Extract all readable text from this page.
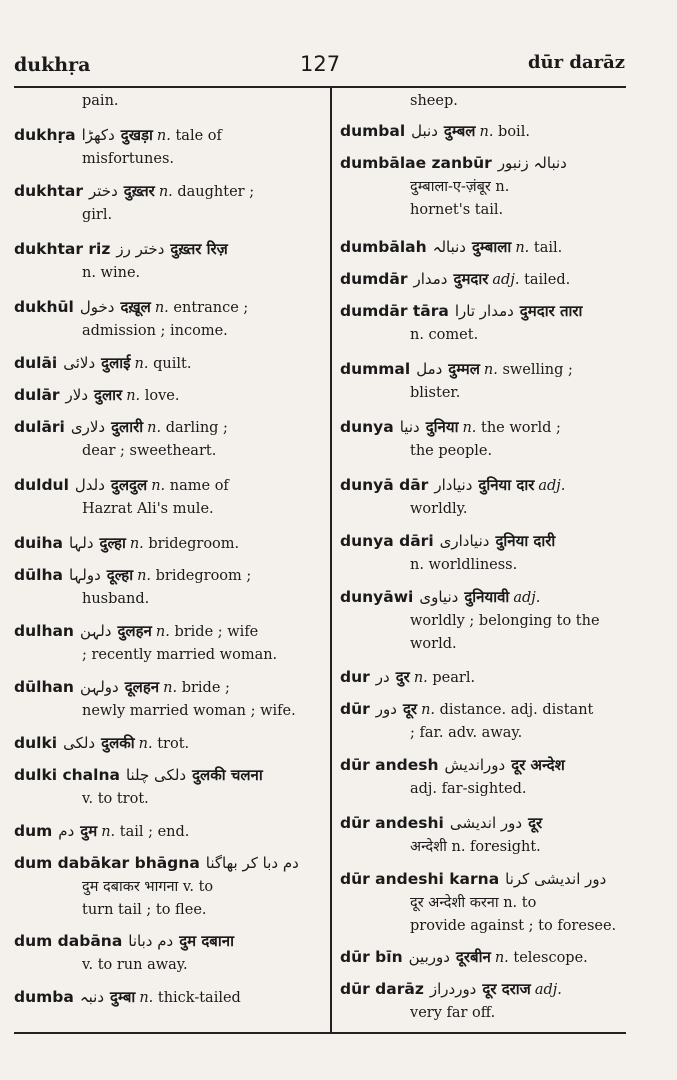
dukhṛa	127	dūr darāz
pain.
dukhṛa دکھڑا दुखड़ा n. tale of
misfortunes.
dukhtar دختر दुख़्तर n. daughter ;
girl.
dukhtar riz دختر رز दुख़्तर रिज़
n. wine.
dukhūl دخول दख़ूल n. entrance ;
admission ; income.
dulāi دلائی दुलाई n. quilt.
dulār دلار दुलार n. love.
dulāri دلاری दुलारी n. darling ;
dear ; sweetheart.
duldul دلدل दुलदुल n. name of
Hazrat Ali's mule.
duiha دلہا दुल्हा n. bridegroom.
dūlha دولہا दूल्हा n. bridegroom ;
husband.
dulhan دلہن दुलहन n. bride ; wife
; recently married woman.
dūlhan دولہن दूलहन n. bride ;
newly married woman ; wife.
dulki دلکی दुलकी n. trot.
dulki chalna دلکی چلنا दुलकी चलना
v. to trot.
dum دم दुम n. tail ; end.
dum dabākar bhāgna دم دبا کر بھاگنا
दुम दबाकर भागना v. to
turn tail ; to flee.
dum dabāna دم دبانا दुम दबाना
v. to run away.
dumba دنبہ दुम्बा n. thick-tailed
sheep.
dumbal دنبل दुम्बल n. boil.
dumbālae zanbūr دنبالہ زنبور
दुम्बाला-ए-ज़ंबूर n.
hornet's tail.
dumbālah دنبالہ दुम्बाला n. tail.
dumdār دمدار दुमदार adj. tailed.
dumdār tāra دمدار تارا दुमदार तारा
n. comet.
dummal دمل दुम्मल n. swelling ;
blister.
dunya دنیا दुनिया n. the world ;
the people.
dunyā dār دنیادار दुनिया दार adj.
worldly.
dunya dāri دنیاداری दुनिया दारी
n. worldliness.
dunyāwi دنیاوی दुनियावी adj.
worldly ; belonging to the
world.
dur در दुर n. pearl.
dūr دور दूर n. distance. adj. distant
; far. adv. away.
dūr andesh دوراندیش दूर अन्देश
adj. far-sighted.
dūr andeshi دور اندیشی दूर
अन्देशी n. foresight.
dūr andeshi karna دور اندیشی کرنا
दूर अन्देशी करना n. to
provide against ; to foresee.
dūr bīn دوربین दूरबीन n. telescope.
dūr darāz دوردراز दूर दराज adj.
very far off.
